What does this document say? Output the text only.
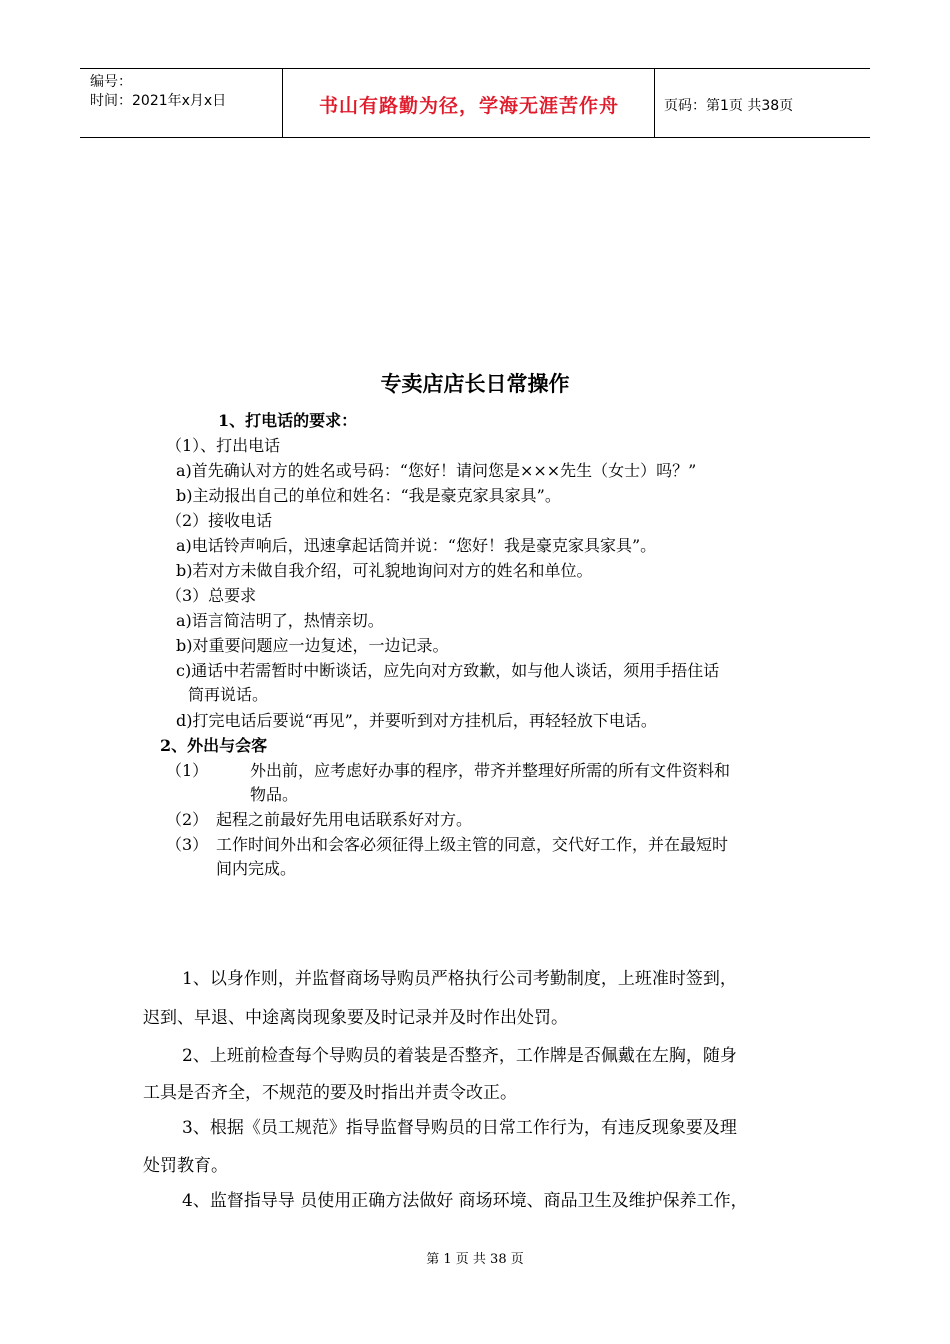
编号：
时间：2021年x月x日	书山有路勤为径，学海无涯苦作舟	页码：第1页 共38页
专卖店店长日常操作
1、打电话的要求：
（1）、打出电话
a)首先确认对方的姓名或号码：“您好！请问您是×××先生（女士）吗？”
b)主动报出自己的单位和姓名：“我是豪克家具家具”。
（2）接收电话
a)电话铃声响后，迅速拿起话筒并说：“您好！我是豪克家具家具”。
b)若对方未做自我介绍，可礼貌地询问对方的姓名和单位。
（3）总要求
a)语言简洁明了，热情亲切。
b)对重要问题应一边复述，一边记录。
c)通话中若需暂时中断谈话，应先向对方致歉，如与他人谈话，须用手捂住话
筒再说话。
d)打完电话后要说“再见”，并要听到对方挂机后，再轻轻放下电话。
2、外出与会客
（1）	外出前，应考虑好办事的程序，带齐并整理好所需的所有文件资料和
物品。
（2） 起程之前最好先用电话联系好对方。
（3） 工作时间外出和会客必须征得上级主管的同意，交代好工作，并在最短时
间内完成。
1、以身作则，并监督商场导购员严格执行公司考勤制度，上班准时签到，
迟到、早退、中途离岗现象要及时记录并及时作出处罚。
2、上班前检查每个导购员的着装是否整齐，工作牌是否佩戴在左胸，随身
工具是否齐全，不规范的要及时指出并责令改正。
3、根据《员工规范》指导监督导购员的日常工作行为，有违反现象要及理
处罚教育。
4、监督指导导 员使用正确方法做好 商场环境、商品卫生及维护保养工作，
第 1 页 共 38 页
